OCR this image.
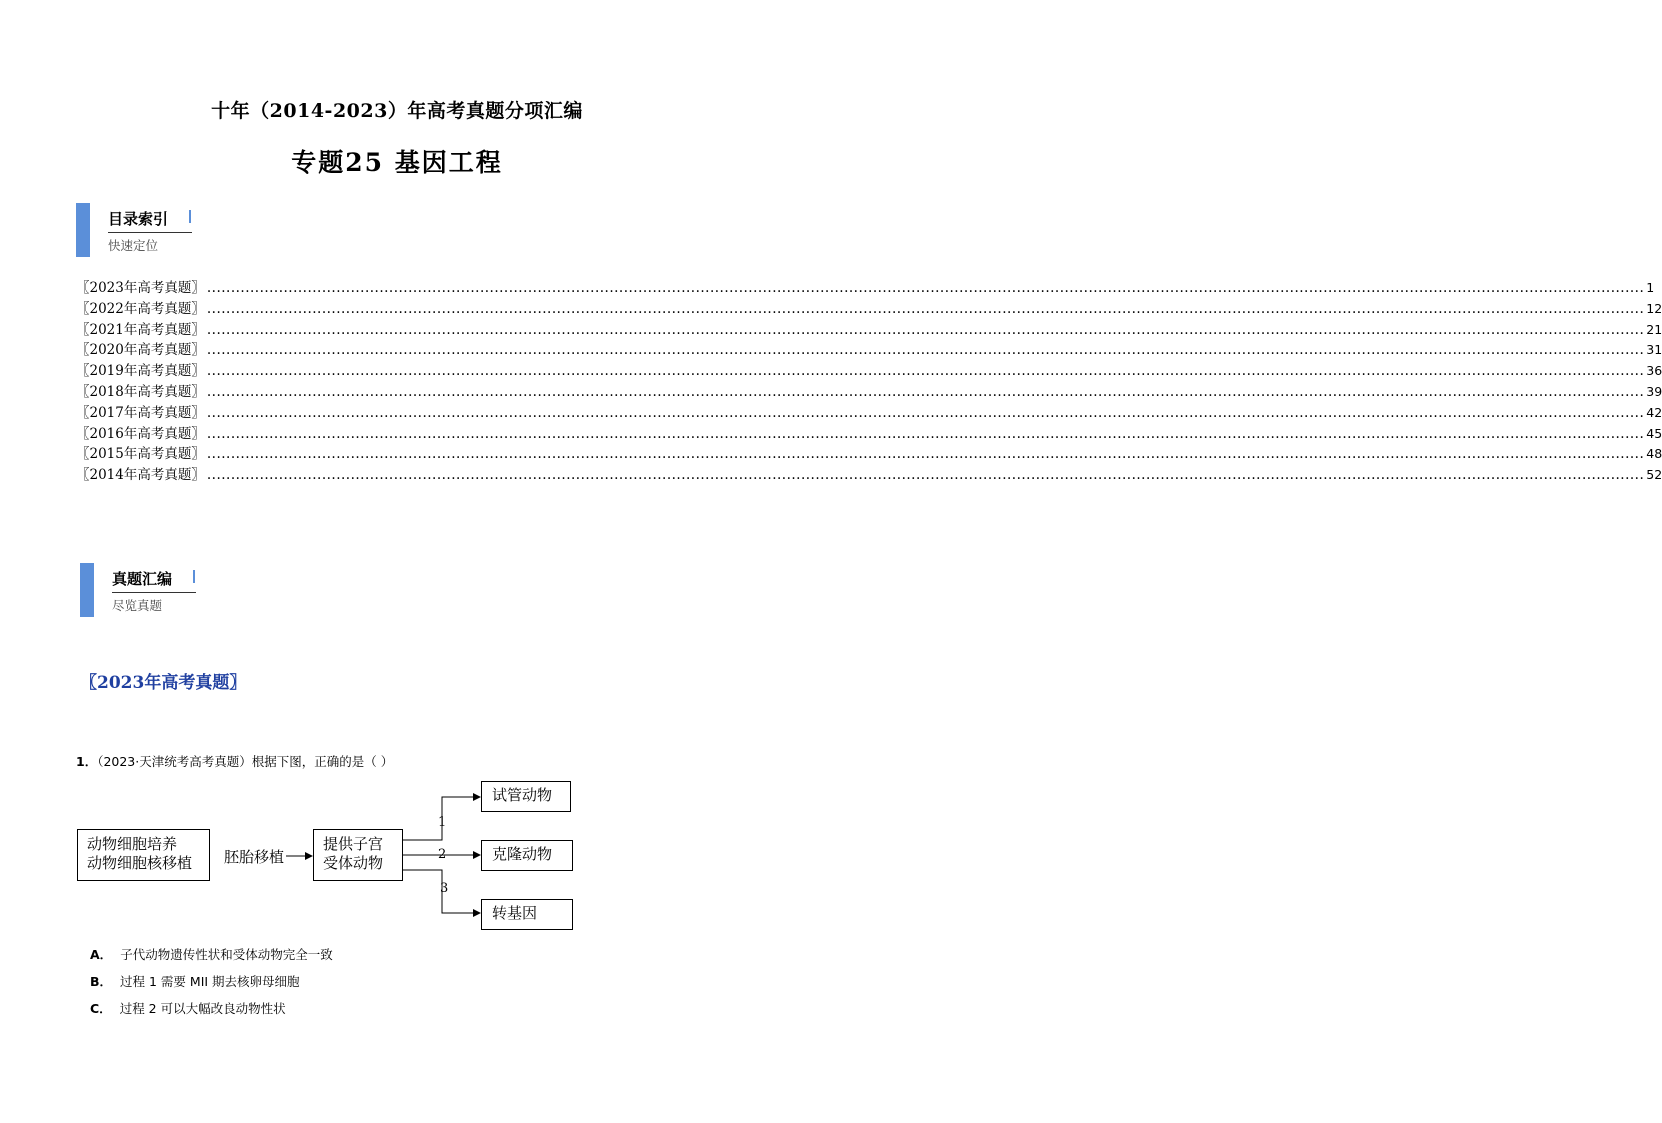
十年（2014-2023）年高考真题分项汇编
专题25 基因工程
目录索引
快速定位
〖2023年高考真题〗 ............................................................................................................................................................................................................................................................................................................ 1
〖2022年高考真题〗 ............................................................................................................................................................................................................................................................................................................ 12
〖2021年高考真题〗 ............................................................................................................................................................................................................................................................................................................ 21
〖2020年高考真题〗 ............................................................................................................................................................................................................................................................................................................ 31
〖2019年高考真题〗 ............................................................................................................................................................................................................................................................................................................ 36
〖2018年高考真题〗 ............................................................................................................................................................................................................................................................................................................ 39
〖2017年高考真题〗 ............................................................................................................................................................................................................................................................................................................ 42
〖2016年高考真题〗 ............................................................................................................................................................................................................................................................................................................ 45
〖2015年高考真题〗 ............................................................................................................................................................................................................................................................................................................ 48
〖2014年高考真题〗 ............................................................................................................................................................................................................................................................................................................ 52
真题汇编
尽览真题
〖2023年高考真题〗
1．（2023·天津统考高考真题）根据下图，正确的是（ ）
动物细胞培养
动物细胞核移植 胚胎移植
提供子宫
受体动物
试管动物
克隆动物
转基因
1
2
3
A． 子代动物遗传性状和受体动物完全一致
B． 过程 1 需要 MII 期去核卵母细胞
C． 过程 2 可以大幅改良动物性状
